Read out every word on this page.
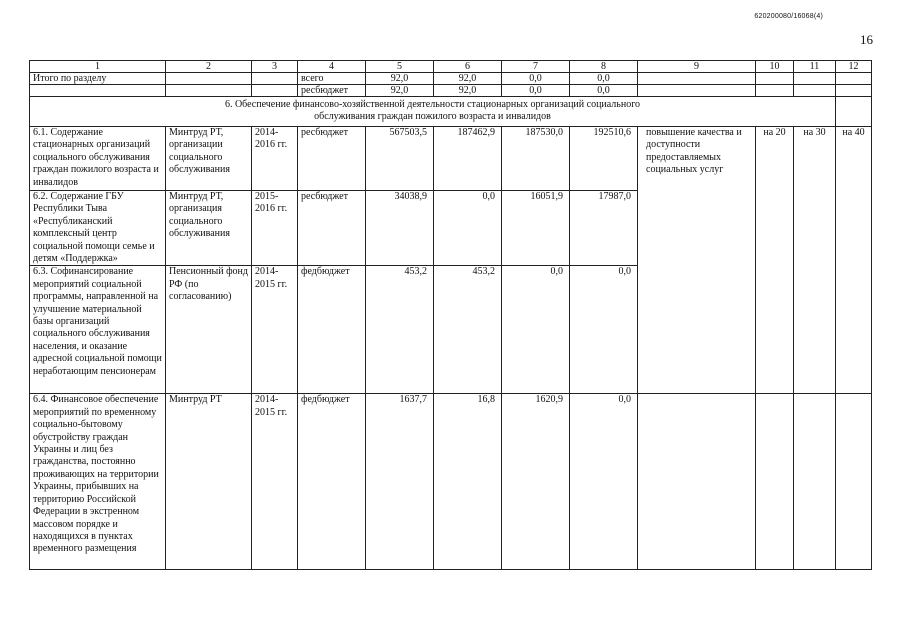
620200080/16068(4)
16
1	2	3	4	5	6	7	8	9	10	11	12
Итого по разделу			всего	92,0	92,0	0,0	0,0				
			ресбюджет	92,0	92,0	0,0	0,0				

6. Обеспечение финансово-хозяйственной деятельности стационарных организаций социального обслуживания граждан пожилого возраста и инвалидов											

6.1. Содержание стационарных организаций социального обслуживания граждан пожилого возраста и инвалидов	Минтруд РТ, организации социального обслуживания	2014-2016 гг.	ресбюджет	567503,5	187462,9	187530,0	192510,6	повышение качества и доступности предоставляемых социальных услуг	на 20	на 30	на 40
6.2. Содержание ГБУ Республики Тыва «Республиканский комплексный центр социальной помощи семье и детям «Поддержка»	Минтруд РТ, организация социального обслуживания	2015-2016 гг.	ресбюджет	34038,9	0,0	16051,9	17987,0				
6.3. Софинансирование мероприятий социальной программы, направленной на улучшение материальной базы организаций социального обслуживания населения, и оказание адресной социальной помощи неработающим пенсионерам	Пенсионный фонд РФ (по согласованию)	2014-2015 гг.	федбюджет	453,2	453,2	0,0	0,0				
6.4. Финансовое обеспечение мероприятий по временному социально-бытовому обустройству граждан Украины и лиц без гражданства, постоянно проживающих на территории Украины, прибывших на территорию Российской Федерации в экстренном массовом порядке и находящихся в пунктах временного размещения	Минтруд РТ	2014-2015 гг.	федбюджет	1637,7	16,8	1620,9	0,0				
